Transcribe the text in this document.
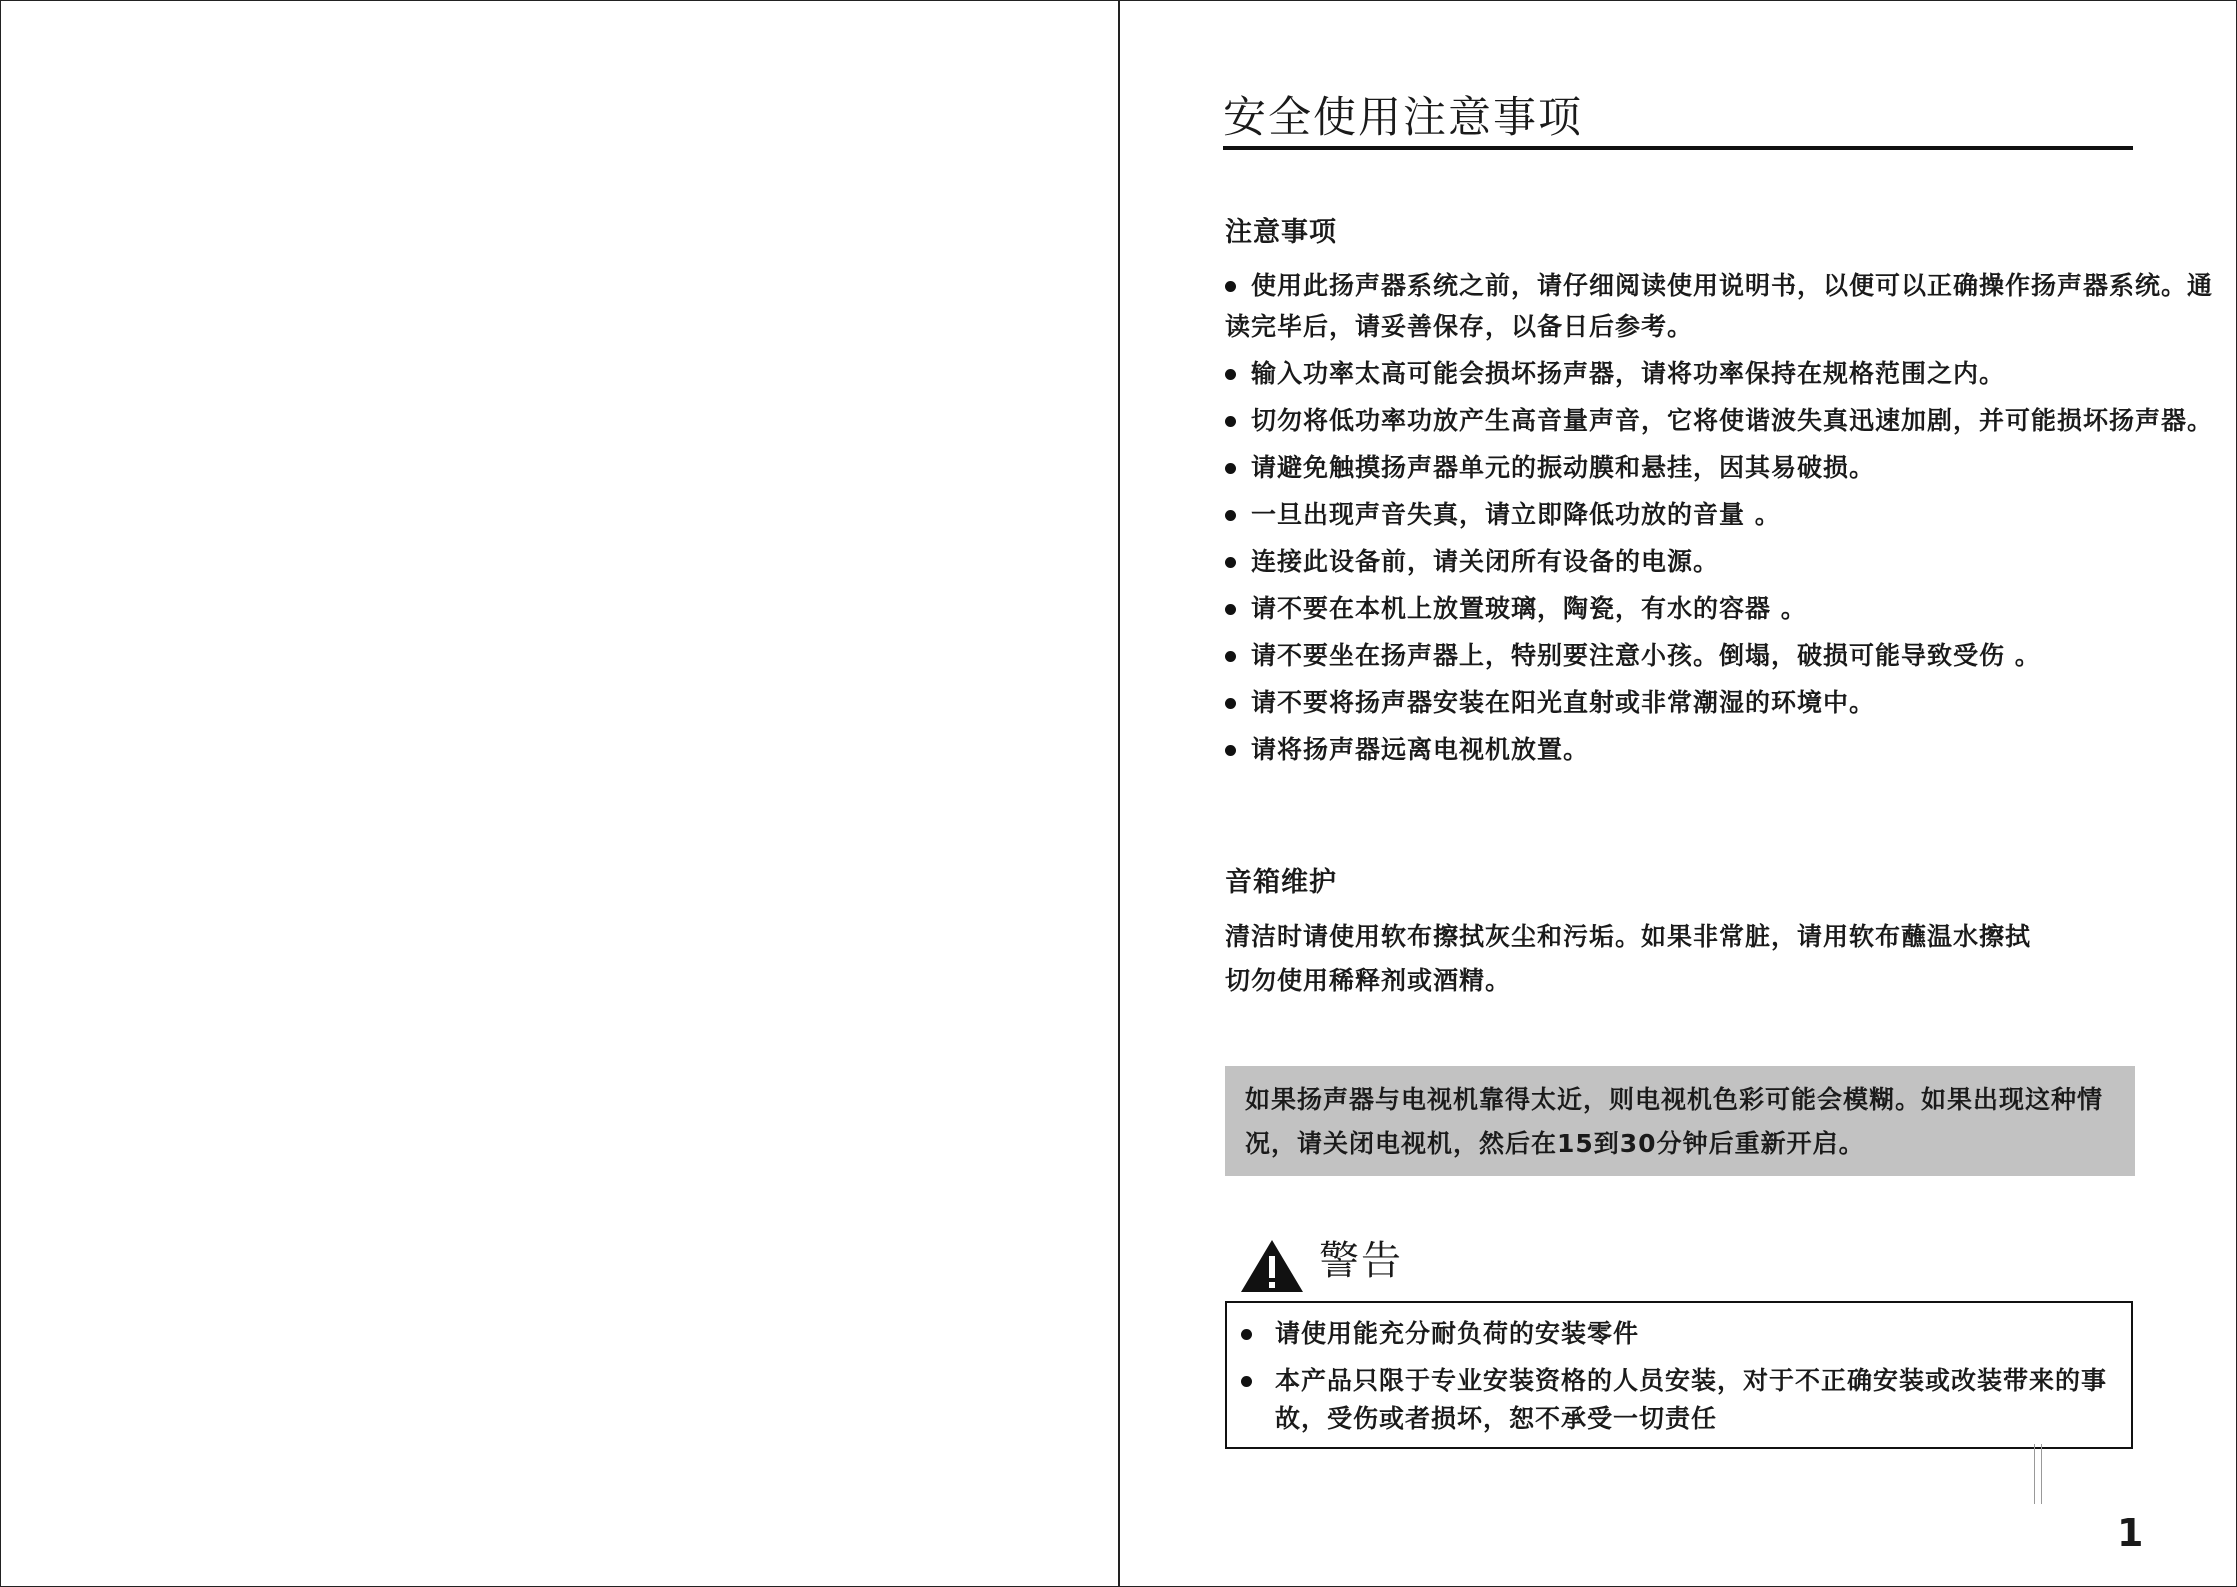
安全使用注意事项
注意事项
使用此扬声器系统之前，请仔细阅读使用说明书，以便可以正确操作扬声器系统。通读完毕后，请妥善保存，以备日后参考。
输入功率太高可能会损坏扬声器，请将功率保持在规格范围之内。
切勿将低功率功放产生高音量声音，它将使谐波失真迅速加剧，并可能损坏扬声器。
请避免触摸扬声器单元的振动膜和悬挂，因其易破损。
一旦出现声音失真，请立即降低功放的音量 。
连接此设备前，请关闭所有设备的电源。
请不要在本机上放置玻璃，陶瓷，有水的容器 。
请不要坐在扬声器上，特别要注意小孩。倒塌，破损可能导致受伤 。
请不要将扬声器安装在阳光直射或非常潮湿的环境中。
请将扬声器远离电视机放置。
音箱维护
清洁时请使用软布擦拭灰尘和污垢。如果非常脏，请用软布蘸温水擦拭
切勿使用稀释剂或酒精。
如果扬声器与电视机靠得太近，则电视机色彩可能会模糊。如果出现这种情况，请关闭电视机，然后在15到30分钟后重新开启。
警告
请使用能充分耐负荷的安装零件
本产品只限于专业安装资格的人员安装，对于不正确安装或改装带来的事故，受伤或者损坏，恕不承受一切责任
1
